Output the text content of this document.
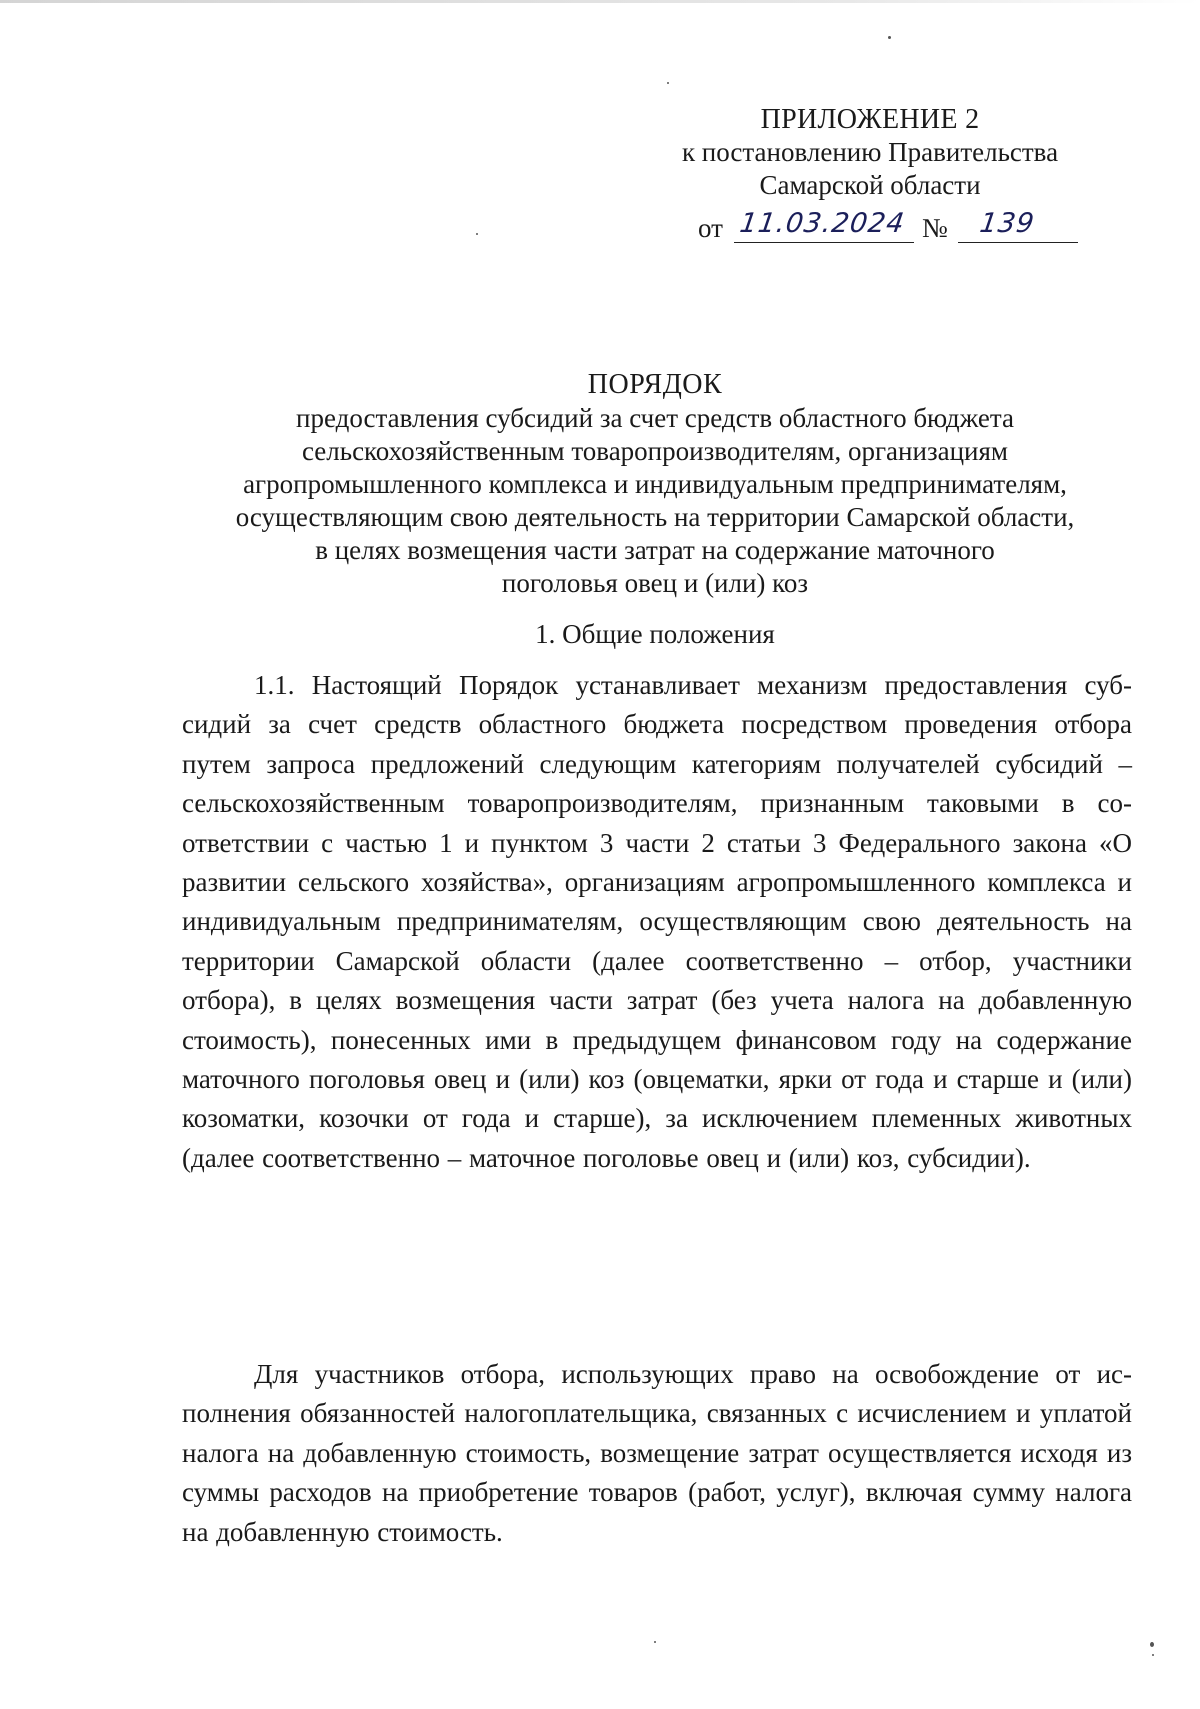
ПРИЛОЖЕНИЕ 2
к постановлению Правительства
Самарской области
от 11.03.2024 № 139
ПОРЯДОК
предоставления субсидий за счет средств областного бюджета
сельскохозяйственным товаропроизводителям, организациям
агропромышленного комплекса и индивидуальным предпринимателям,
осуществляющим свою деятельность на территории Самарской области,
в целях возмещения части затрат на содержание маточного
поголовья овец и (или) коз
1. Общие положения

1.1. Настоящий Порядок устанавливает механизм предоставления субсидий за счет средств областного бюджета посредством проведения отбора путем запроса предложений следующим категориям получателей субсидий – сельскохозяйственным товаропроизводителям, признанным таковыми в соответствии с частью 1 и пунктом 3 части 2 статьи 3 Федерального закона «О развитии сельского хозяйства», организациям агропромышленного комплекса и индивидуальным предпринимателям, осуществляющим свою деятельность на территории Самарской области (далее соответственно – отбор, участники отбора), в целях возмещения части затрат (без учета налога на добавленную стоимость), понесенных ими в предыдущем финансовом году на содержание маточного поголовья овец и (или) коз (овцематки, ярки от года и старше и (или) козоматки, козочки от года и старше), за исключением племенных животных (далее соответственно – маточное поголовье овец и (или) коз, субсидии).

Для участников отбора, использующих право на освобождение от исполнения обязанностей налогоплательщика, связанных с исчислением и уплатой налога на добавленную стоимость, возмещение затрат осуществляется исходя из суммы расходов на приобретение товаров (работ, услуг), включая сумму налога на добавленную стоимость.
